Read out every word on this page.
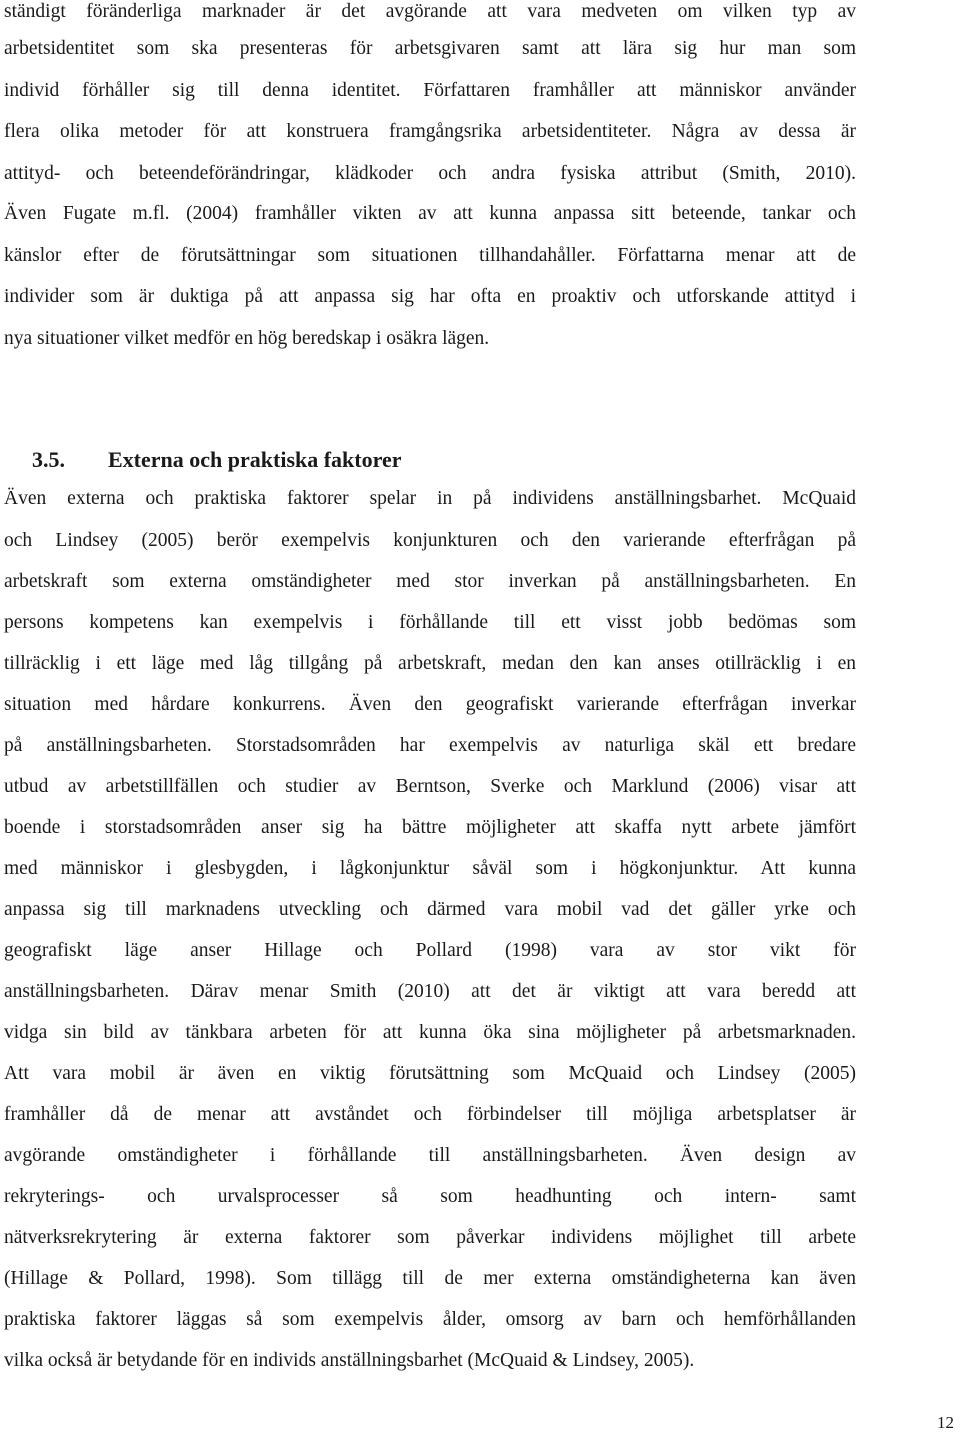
ständigt föränderliga marknader är det avgörande att vara medveten om vilken typ av
arbetsidentitet som ska presenteras för arbetsgivaren samt att lära sig hur man som
individ förhåller sig till denna identitet. Författaren framhåller att människor använder
flera olika metoder för att konstruera framgångsrika arbetsidentiteter. Några av dessa är
attityd- och beteendeförändringar, klädkoder och andra fysiska attribut (Smith, 2010).
Även Fugate m.fl. (2004) framhåller vikten av att kunna anpassa sitt beteende, tankar och
känslor efter de förutsättningar som situationen tillhandahåller. Författarna menar att de
individer som är duktiga på att anpassa sig har ofta en proaktiv och utforskande attityd i
nya situationer vilket medför en hög beredskap i osäkra lägen.
3.5. Externa och praktiska faktorer
Även externa och praktiska faktorer spelar in på individens anställningsbarhet. McQuaid
och Lindsey (2005) berör exempelvis konjunkturen och den varierande efterfrågan på
arbetskraft som externa omständigheter med stor inverkan på anställningsbarheten. En
persons kompetens kan exempelvis i förhållande till ett visst jobb bedömas som
tillräcklig i ett läge med låg tillgång på arbetskraft, medan den kan anses otillräcklig i en
situation med hårdare konkurrens. Även den geografiskt varierande efterfrågan inverkar
på anställningsbarheten. Storstadsområden har exempelvis av naturliga skäl ett bredare
utbud av arbetstillfällen och studier av Berntson, Sverke och Marklund (2006) visar att
boende i storstadsområden anser sig ha bättre möjligheter att skaffa nytt arbete jämfört
med människor i glesbygden, i lågkonjunktur såväl som i högkonjunktur. Att kunna
anpassa sig till marknadens utveckling och därmed vara mobil vad det gäller yrke och
geografiskt läge anser Hillage och Pollard (1998) vara av stor vikt för
anställningsbarheten. Därav menar Smith (2010) att det är viktigt att vara beredd att
vidga sin bild av tänkbara arbeten för att kunna öka sina möjligheter på arbetsmarknaden.
Att vara mobil är även en viktig förutsättning som McQuaid och Lindsey (2005)
framhåller då de menar att avståndet och förbindelser till möjliga arbetsplatser är
avgörande omständigheter i förhållande till anställningsbarheten. Även design av
rekryterings- och urvalsprocesser så som headhunting och intern- samt
nätverksrekrytering är externa faktorer som påverkar individens möjlighet till arbete
(Hillage & Pollard, 1998). Som tillägg till de mer externa omständigheterna kan även
praktiska faktorer läggas så som exempelvis ålder, omsorg av barn och hemförhållanden
vilka också är betydande för en individs anställningsbarhet (McQuaid & Lindsey, 2005).
12
